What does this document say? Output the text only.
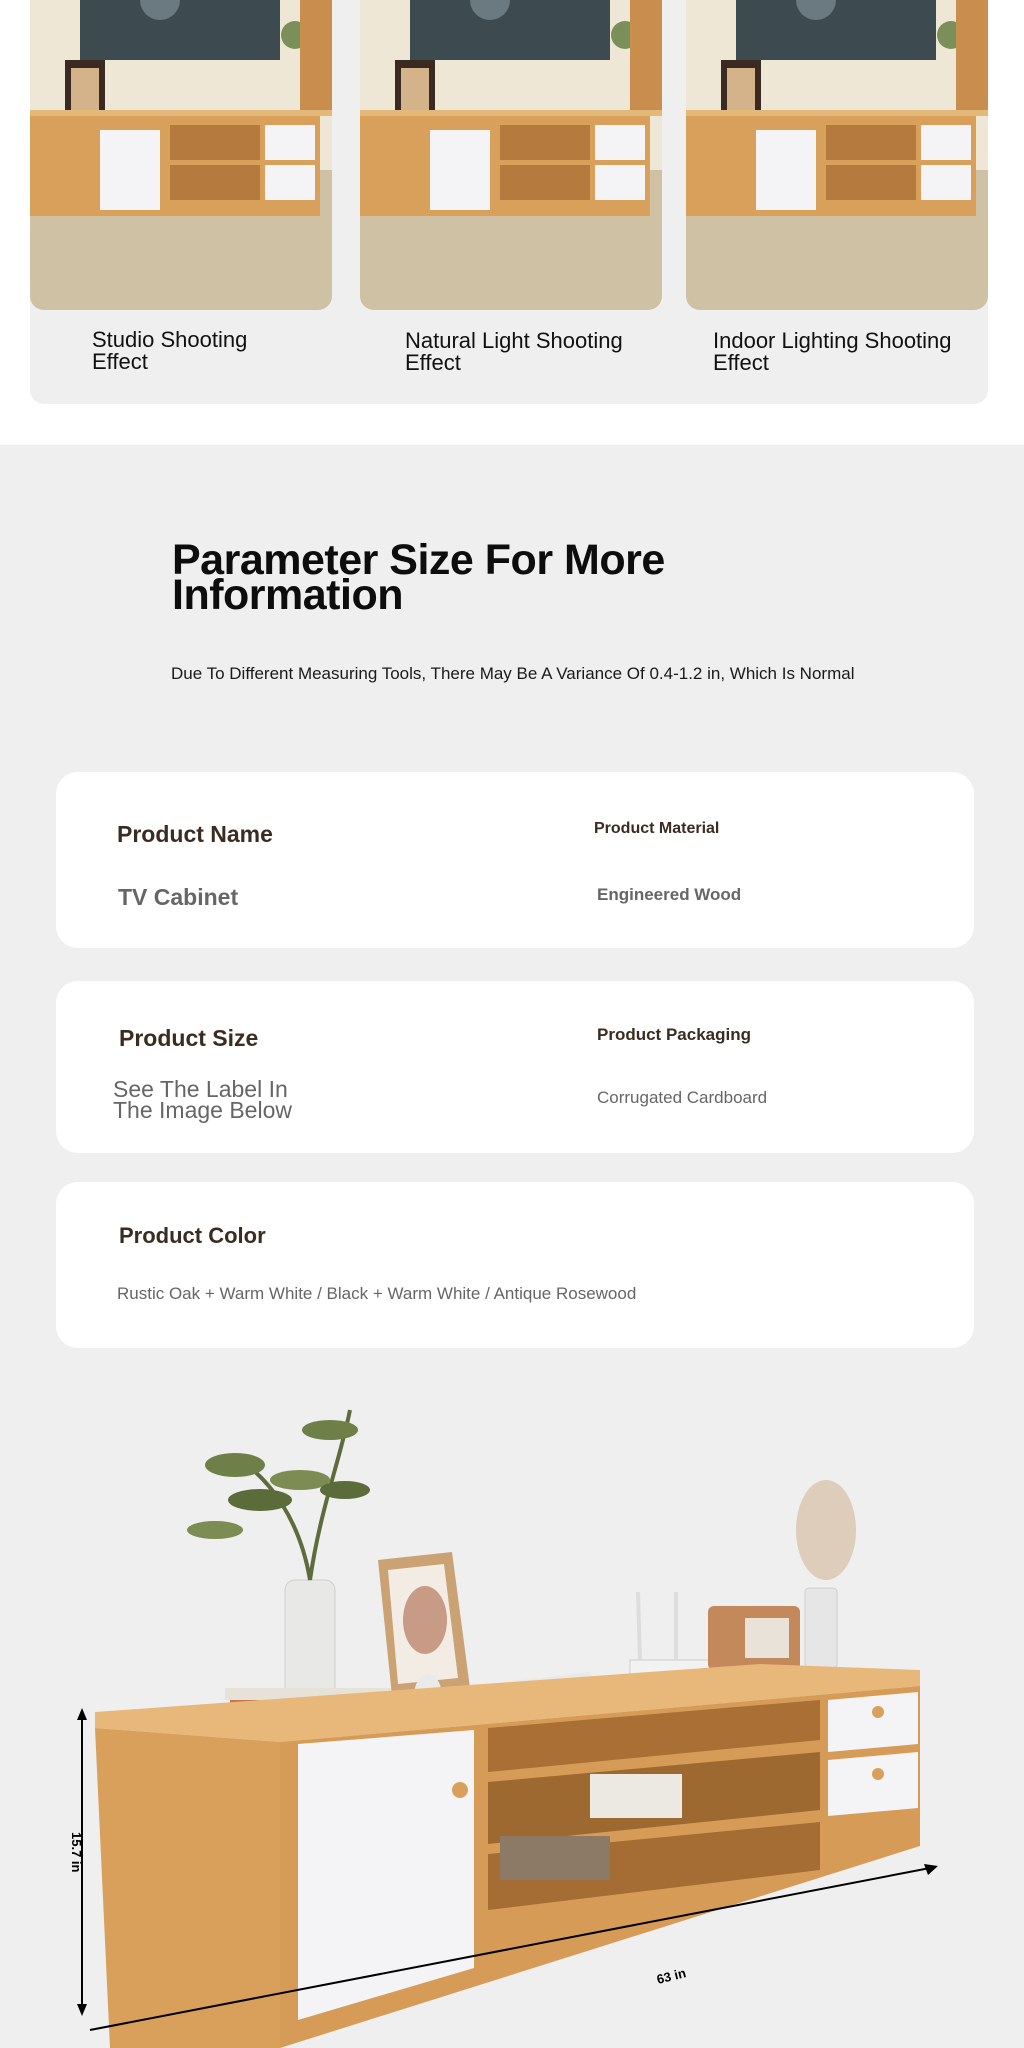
Studio Shooting
Effect
Natural Light Shooting
Effect
Indoor Lighting Shooting
Effect
Parameter Size For More
Information
Due To Different Measuring Tools, There May Be A Variance Of 0.4-1.2 in, Which Is Normal
Product Name
TV Cabinet
Product Material
Engineered Wood
Product Size
See The Label In
The Image Below
Product Packaging
Corrugated Cardboard
Product Color
Rustic Oak + Warm White / Black + Warm White / Antique Rosewood
15.7 in
63 in
